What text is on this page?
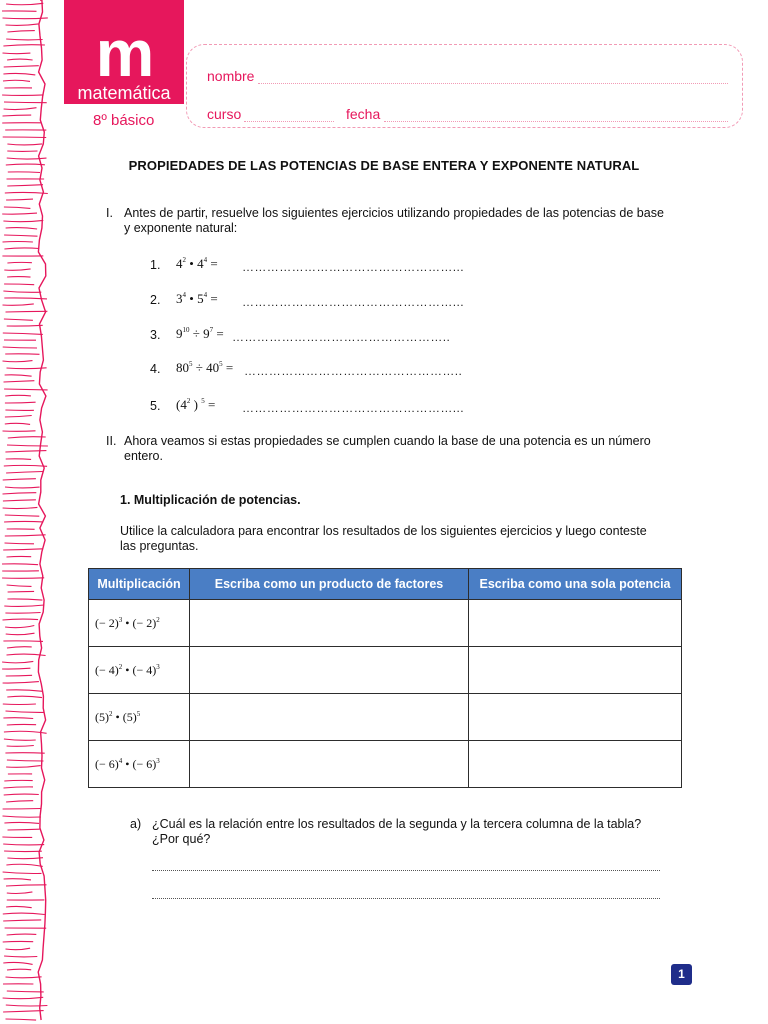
m
matemática
8º básico
nombre
curso	fecha
PROPIEDADES DE LAS POTENCIAS DE BASE ENTERA Y EXPONENTE NATURAL
I. Antes de partir, resuelve los siguientes ejercicios utilizando propiedades de las potencias de base y exponente natural:
1. $4^2$ • $4^4$ = ……………………………………………...
2. $3^4$ • $5^4$ = ……………………………………………...
3. $9^{10} \div 9^7$ = ……………………………………………..
4. $80^5 \div 40^5$ = ……………………………………………..
5. ($4^2$ ) $^5$ = ……………………………………………...
II. Ahora veamos si estas propiedades se cumplen cuando la base de una potencia es un número entero.
1. Multiplicación de potencias.
Utilice la calculadora para encontrar los resultados de los siguientes ejercicios y luego conteste las preguntas.
Multiplicación	Escriba como un producto de factores	Escriba como una sola potencia
(− 2)$^3$ • (− 2)$^2$		
(− 4)$^2$ • (− 4)$^3$		
$(5)^2$ • $(5)^5$		
(− 6)$^4$ • (− 6)$^3$		
a) ¿Cuál es la relación entre los resultados de la segunda y la tercera columna de la tabla? ¿Por qué?
1
